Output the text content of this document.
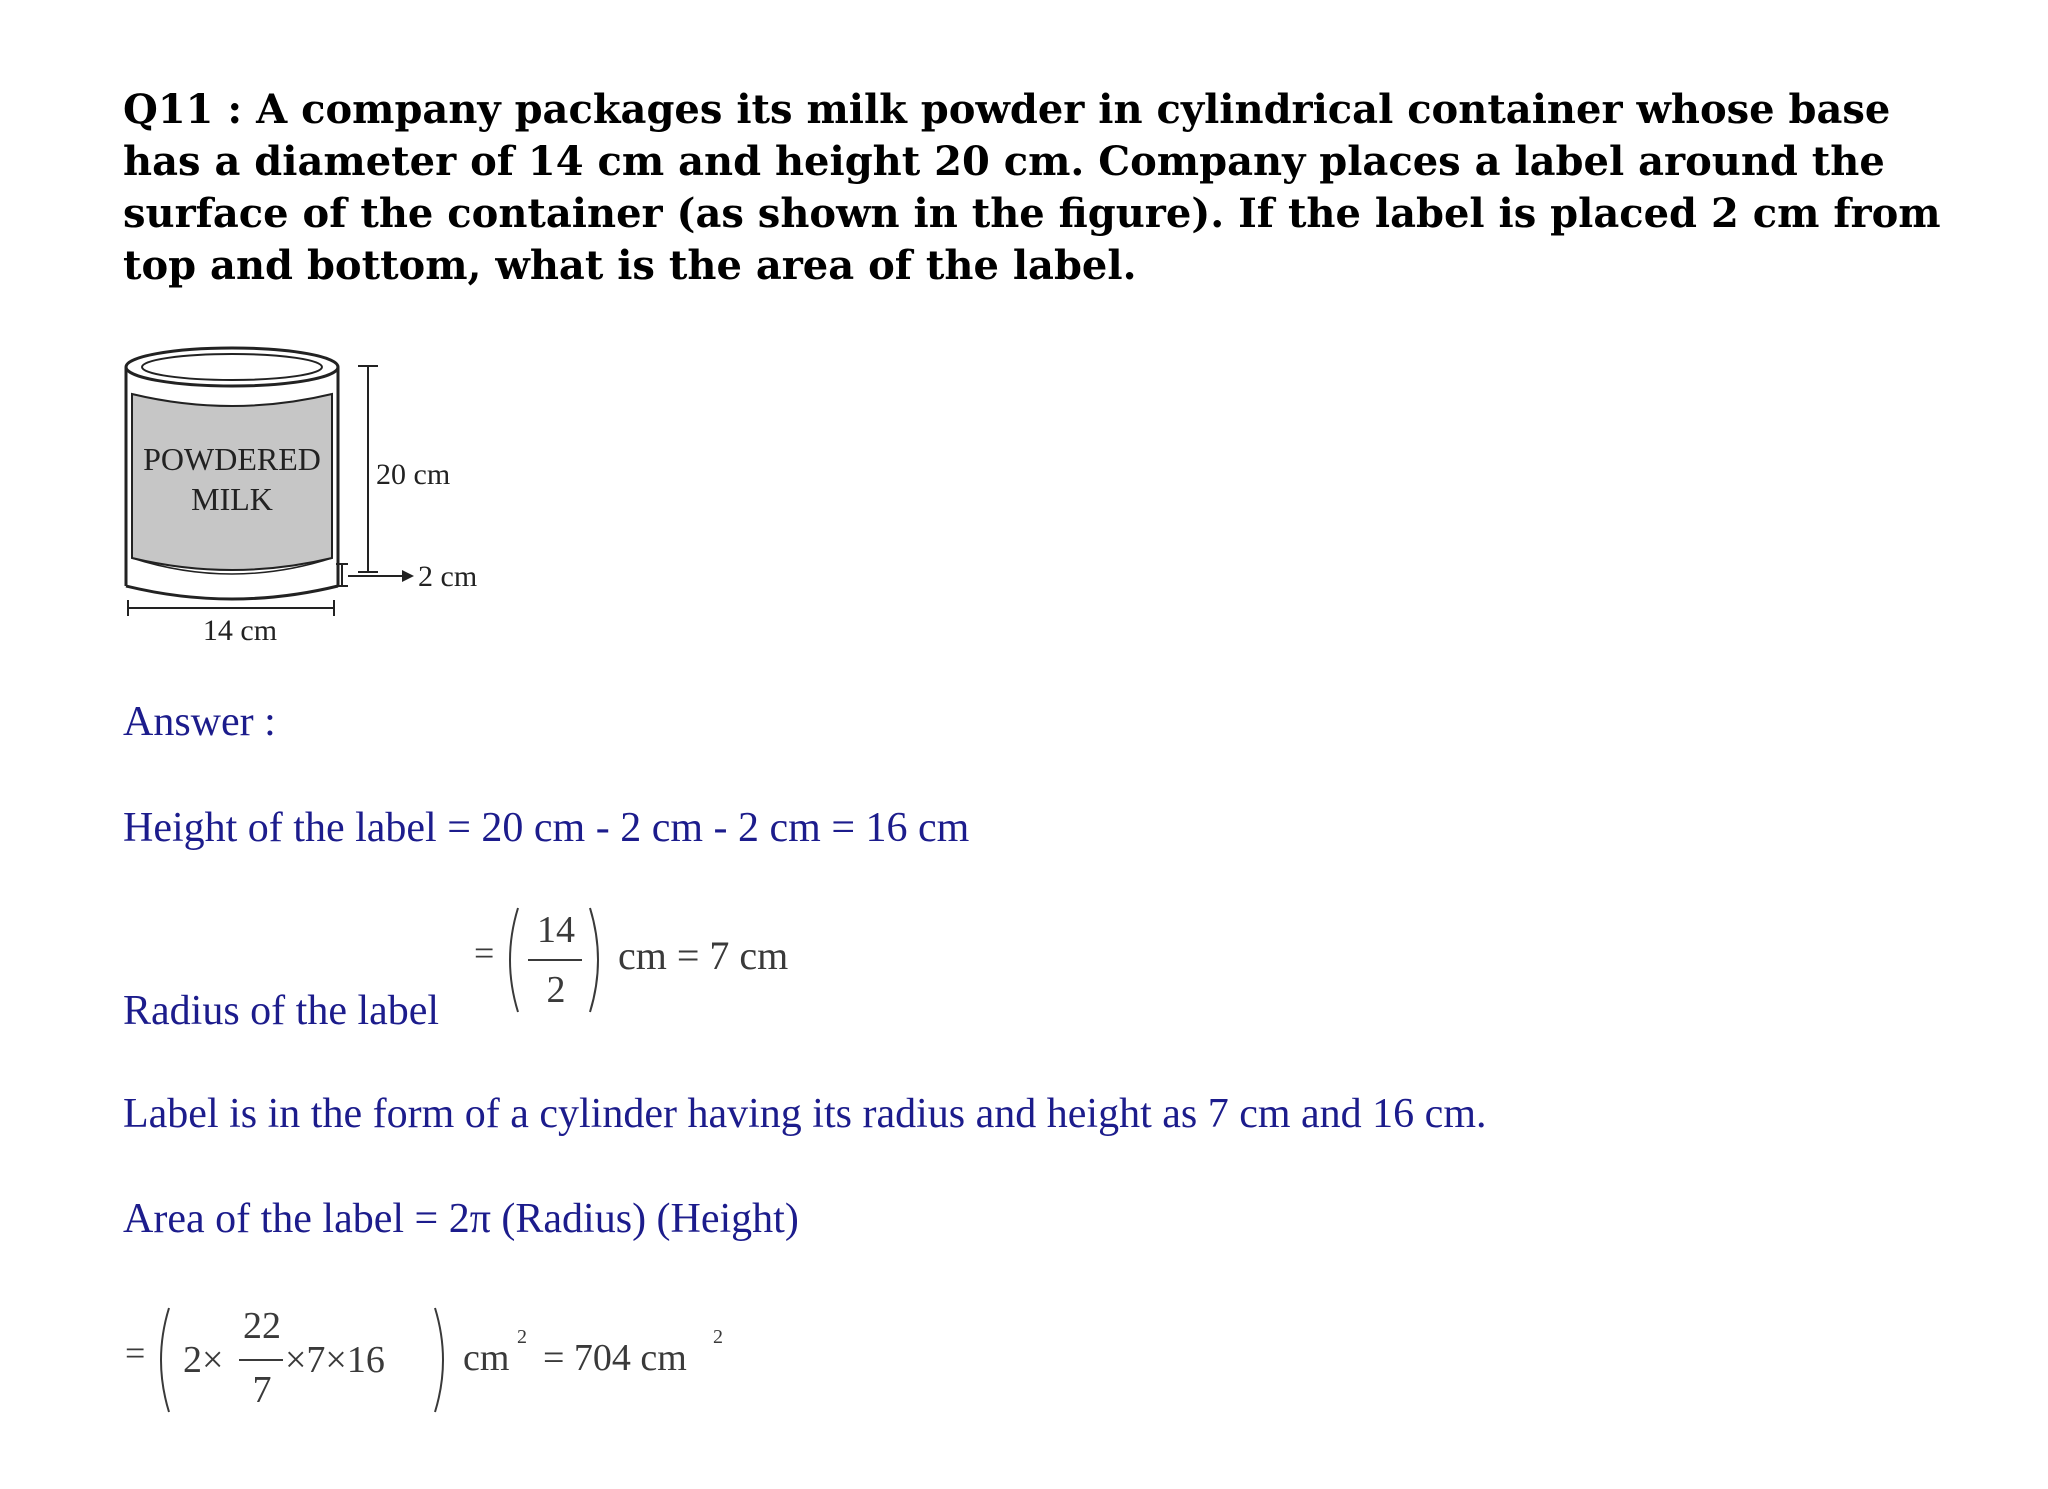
Q11 : A company packages its milk powder in cylindrical container whose base has a diameter of 14 cm and height 20 cm. Company places a label around the surface of the container (as shown in the figure). If the label is placed 2 cm from top and bottom, what is the area of the label.
POWDERED
MILK
20 cm
2 cm
14 cm
Answer :
Height of the label = 20 cm - 2 cm - 2 cm = 16 cm
Radius of the label
=
14
2
cm = 7 cm
Label is in the form of a cylinder having its radius and height as 7 cm and 16 cm.
Area of the label = 2π (Radius) (Height)
= 2×
22
7
×7×16 cm 2 = 704 cm 2
